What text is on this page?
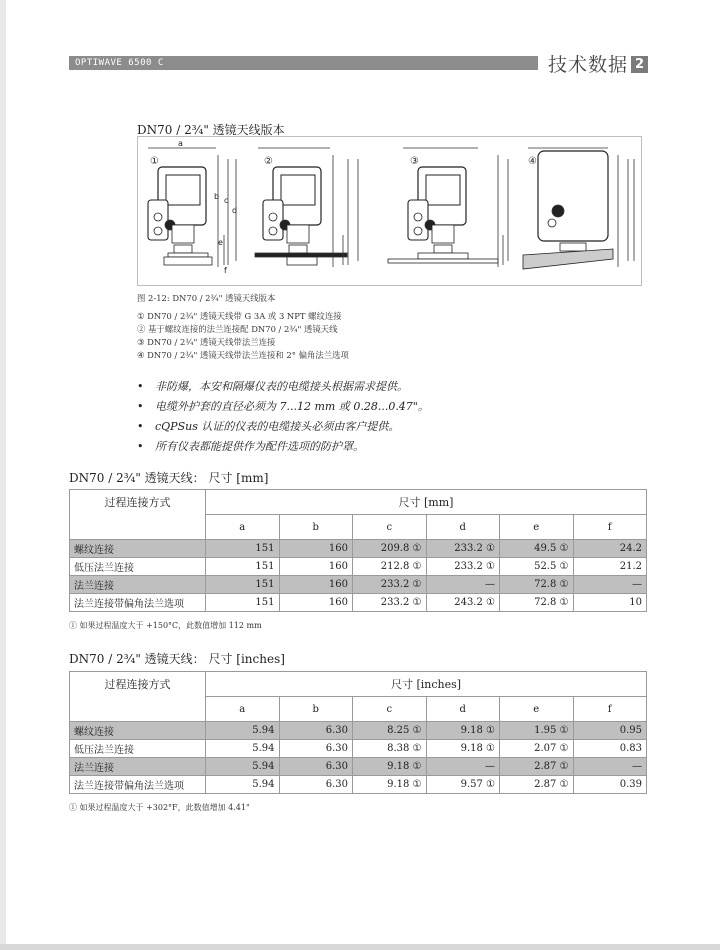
OPTIWAVE 6500 C	技术数据 2
DN70 / 2¾" 透镜天线版本
①	②	③	④
a
b c
d
e
f
图 2-12: DN70 / 2¾" 透镜天线版本
① DN70 / 2¾" 透镜天线带 G 3A 或 3 NPT 螺纹连接
② 基于螺纹连接的法兰连接配 DN70 / 2¾" 透镜天线
③ DN70 / 2¾" 透镜天线带法兰连接
④ DN70 / 2¾" 透镜天线带法兰连接和 2° 偏角法兰选项
• 非防爆，本安和隔爆仪表的电缆接头根据需求提供。
• 电缆外护套的直径必须为 7...12 mm 或 0.28...0.47"。
• cQPSus 认证的仪表的电缆接头必须由客户提供。
• 所有仪表都能提供作为配件选项的防护罩。
DN70 / 2¾" 透镜天线： 尺寸 [mm]
过程连接方式	尺寸 [mm]					
	a	b	c	d	e	f
螺纹连接	151	160	209.8 ①	233.2 ①	49.5 ①	24.2
低压法兰连接	151	160	212.8 ①	233.2 ①	52.5 ①	21.2
法兰连接	151	160	233.2 ①	—	72.8 ①	—
法兰连接带偏角法兰选项	151	160	233.2 ①	243.2 ①	72.8 ①	10
① 如果过程温度大于 +150°C，此数值增加 112 mm
DN70 / 2¾" 透镜天线： 尺寸 [inches]
过程连接方式	尺寸 [inches]					
	a	b	c	d	e	f
螺纹连接	5.94	6.30	8.25 ①	9.18 ①	1.95 ①	0.95
低压法兰连接	5.94	6.30	8.38 ①	9.18 ①	2.07 ①	0.83
法兰连接	5.94	6.30	9.18 ①	—	2.87 ①	—
法兰连接带偏角法兰选项	5.94	6.30	9.18 ①	9.57 ①	2.87 ①	0.39
① 如果过程温度大于 +302°F，此数值增加 4.41"
